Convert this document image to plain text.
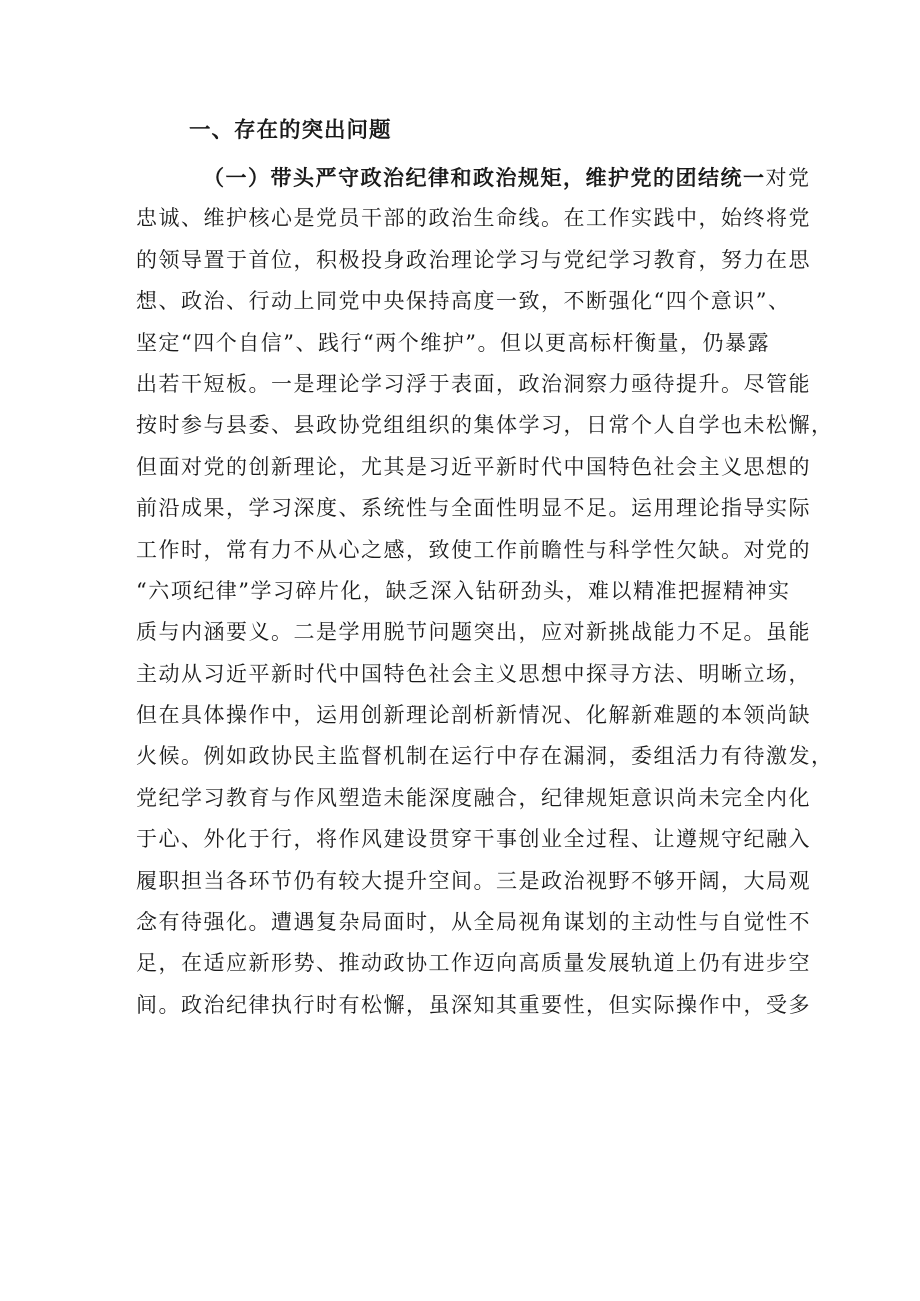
一、存在的突出问题
（一）带头严守政治纪律和政治规矩，维护党的团结统一对党
忠诚、维护核心是党员干部的政治生命线。在工作实践中，始终将党
的领导置于首位，积极投身政治理论学习与党纪学习教育，努力在思
想、政治、行动上同党中央保持高度一致，不断强化“四个意识”、
坚定“四个自信”、践行“两个维护”。但以更高标杆衡量，仍暴露
出若干短板。一是理论学习浮于表面，政治洞察力亟待提升。尽管能
按时参与县委、县政协党组组织的集体学习，日常个人自学也未松懈，
但面对党的创新理论，尤其是习近平新时代中国特色社会主义思想的
前沿成果，学习深度、系统性与全面性明显不足。运用理论指导实际
工作时，常有力不从心之感，致使工作前瞻性与科学性欠缺。对党的
“六项纪律”学习碎片化，缺乏深入钻研劲头，难以精准把握精神实
质与内涵要义。二是学用脱节问题突出，应对新挑战能力不足。虽能
主动从习近平新时代中国特色社会主义思想中探寻方法、明晰立场，
但在具体操作中，运用创新理论剖析新情况、化解新难题的本领尚缺
火候。例如政协民主监督机制在运行中存在漏洞，委组活力有待激发，
党纪学习教育与作风塑造未能深度融合，纪律规矩意识尚未完全内化
于心、外化于行，将作风建设贯穿干事创业全过程、让遵规守纪融入
履职担当各环节仍有较大提升空间。三是政治视野不够开阔，大局观
念有待强化。遭遇复杂局面时，从全局视角谋划的主动性与自觉性不
足，在适应新形势、推动政协工作迈向高质量发展轨道上仍有进步空
间。政治纪律执行时有松懈，虽深知其重要性，但实际操作中，受多
